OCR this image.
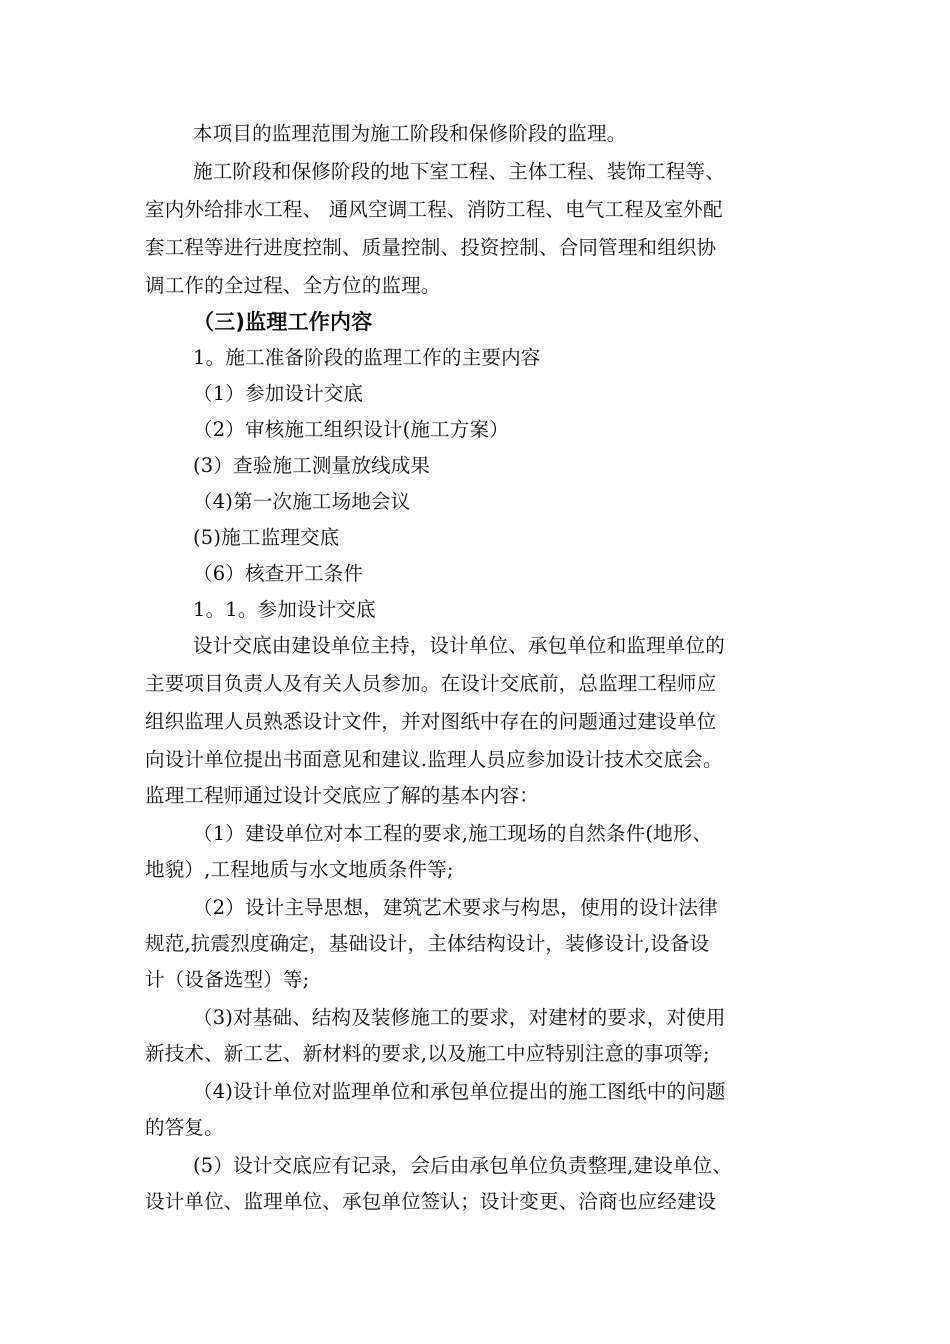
本项目的监理范围为施工阶段和保修阶段的监理。
施工阶段和保修阶段的地下室工程、主体工程、装饰工程等、
室内外给排水工程、 通风空调工程、消防工程、电气工程及室外配
套工程等进行进度控制、质量控制、投资控制、合同管理和组织协
调工作的全过程、全方位的监理。
（三)监理工作内容
1。施工准备阶段的监理工作的主要内容
（1）参加设计交底
（2）审核施工组织设计(施工方案）
(3）查验施工测量放线成果
（4)第一次施工场地会议
(5)施工监理交底
（6）核查开工条件
1。1。参加设计交底
设计交底由建设单位主持，设计单位、承包单位和监理单位的
主要项目负责人及有关人员参加。在设计交底前，总监理工程师应
组织监理人员熟悉设计文件，并对图纸中存在的问题通过建设单位
向设计单位提出书面意见和建议.监理人员应参加设计技术交底会。
监理工程师通过设计交底应了解的基本内容：
（1）建设单位对本工程的要求,施工现场的自然条件(地形、
地貌）,工程地质与水文地质条件等;
（2）设计主导思想，建筑艺术要求与构思，使用的设计法律
规范,抗震烈度确定，基础设计，主体结构设计，装修设计,设备设
计（设备选型）等;
（3)对基础、结构及装修施工的要求，对建材的要求，对使用
新技术、新工艺、新材料的要求,以及施工中应特别注意的事项等;
（4)设计单位对监理单位和承包单位提出的施工图纸中的问题
的答复。
(5）设计交底应有记录，会后由承包单位负责整理,建设单位、
设计单位、监理单位、承包单位签认；设计变更、洽商也应经建设
